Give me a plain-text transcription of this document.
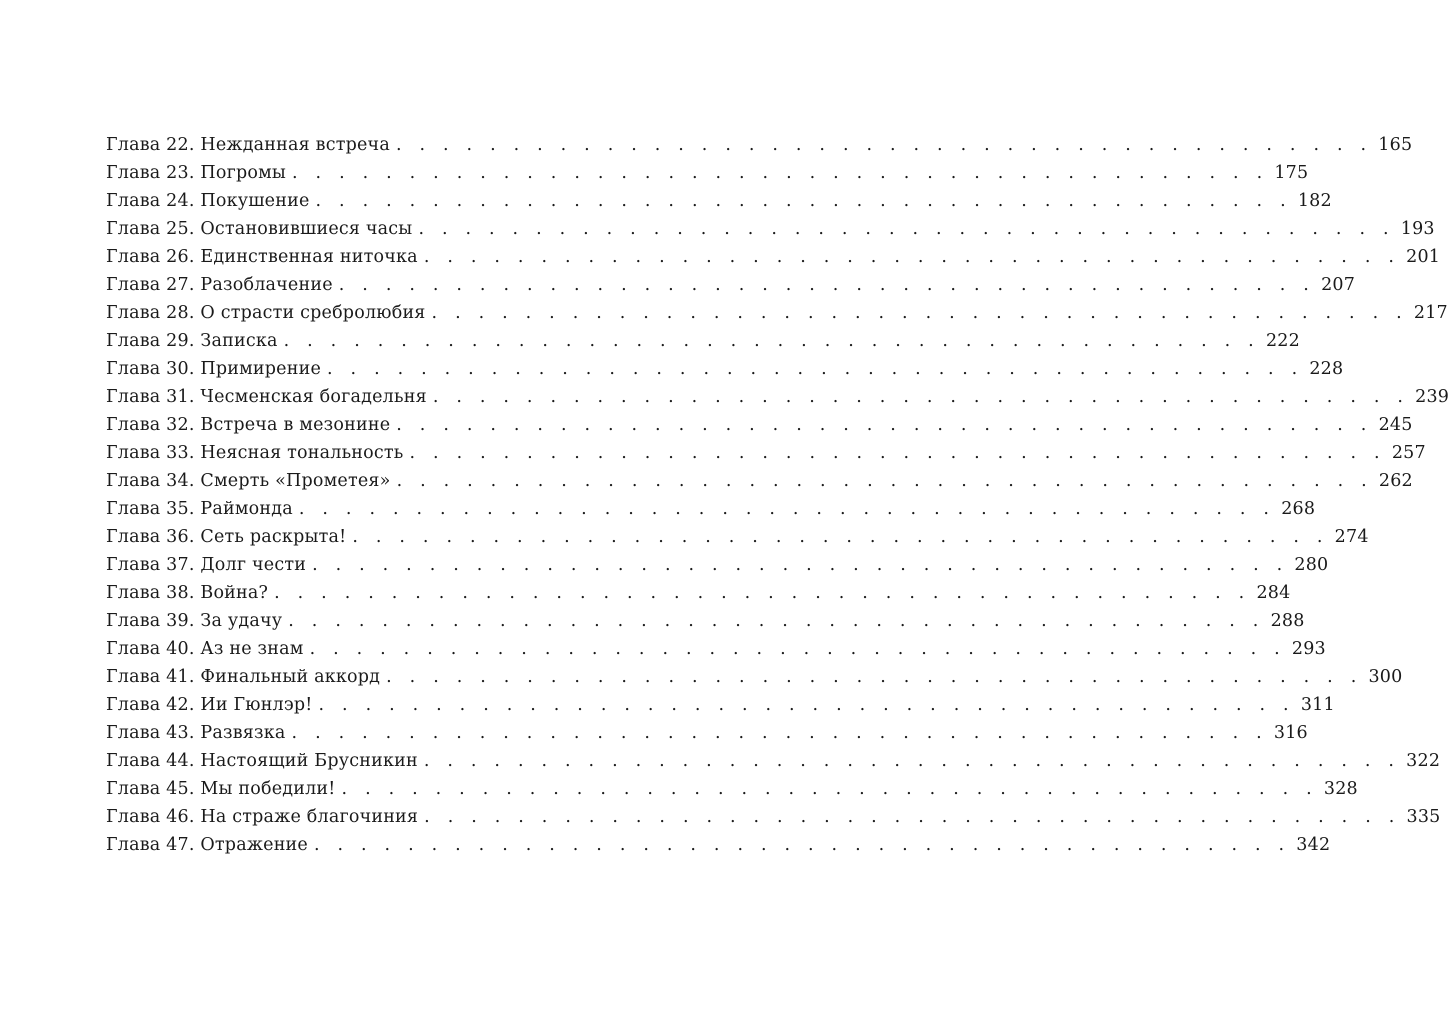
Глава 22. Нежданная встреча . . . . . . . . . . . . . . . . . . . . . . . . . . . . . . . . . . . . . . . . . . 165
Глава 23. Погромы . . . . . . . . . . . . . . . . . . . . . . . . . . . . . . . . . . . . . . . . . . 175
Глава 24. Покушение . . . . . . . . . . . . . . . . . . . . . . . . . . . . . . . . . . . . . . . . . . 182
Глава 25. Остановившиеся часы . . . . . . . . . . . . . . . . . . . . . . . . . . . . . . . . . . . . . . . . . . 193
Глава 26. Единственная ниточка . . . . . . . . . . . . . . . . . . . . . . . . . . . . . . . . . . . . . . . . . . 201
Глава 27. Разоблачение . . . . . . . . . . . . . . . . . . . . . . . . . . . . . . . . . . . . . . . . . . 207
Глава 28. О страсти сребролюбия . . . . . . . . . . . . . . . . . . . . . . . . . . . . . . . . . . . . . . . . . . 217
Глава 29. Записка . . . . . . . . . . . . . . . . . . . . . . . . . . . . . . . . . . . . . . . . . . 222
Глава 30. Примирение . . . . . . . . . . . . . . . . . . . . . . . . . . . . . . . . . . . . . . . . . . 228
Глава 31. Чесменская богадельня . . . . . . . . . . . . . . . . . . . . . . . . . . . . . . . . . . . . . . . . . . 239
Глава 32. Встреча в мезонине . . . . . . . . . . . . . . . . . . . . . . . . . . . . . . . . . . . . . . . . . . 245
Глава 33. Неясная тональность . . . . . . . . . . . . . . . . . . . . . . . . . . . . . . . . . . . . . . . . . . 257
Глава 34. Смерть «Прометея» . . . . . . . . . . . . . . . . . . . . . . . . . . . . . . . . . . . . . . . . . . 262
Глава 35. Раймонда . . . . . . . . . . . . . . . . . . . . . . . . . . . . . . . . . . . . . . . . . . 268
Глава 36. Сеть раскрыта! . . . . . . . . . . . . . . . . . . . . . . . . . . . . . . . . . . . . . . . . . . 274
Глава 37. Долг чести . . . . . . . . . . . . . . . . . . . . . . . . . . . . . . . . . . . . . . . . . . 280
Глава 38. Война? . . . . . . . . . . . . . . . . . . . . . . . . . . . . . . . . . . . . . . . . . . 284
Глава 39. За удачу . . . . . . . . . . . . . . . . . . . . . . . . . . . . . . . . . . . . . . . . . . 288
Глава 40. Аз не знам . . . . . . . . . . . . . . . . . . . . . . . . . . . . . . . . . . . . . . . . . . 293
Глава 41. Финальный аккорд . . . . . . . . . . . . . . . . . . . . . . . . . . . . . . . . . . . . . . . . . . 300
Глава 42. Ии Гюнлэр! . . . . . . . . . . . . . . . . . . . . . . . . . . . . . . . . . . . . . . . . . . 311
Глава 43. Развязка . . . . . . . . . . . . . . . . . . . . . . . . . . . . . . . . . . . . . . . . . . 316
Глава 44. Настоящий Брусникин . . . . . . . . . . . . . . . . . . . . . . . . . . . . . . . . . . . . . . . . . . 322
Глава 45. Мы победили! . . . . . . . . . . . . . . . . . . . . . . . . . . . . . . . . . . . . . . . . . . 328
Глава 46. На страже благочиния . . . . . . . . . . . . . . . . . . . . . . . . . . . . . . . . . . . . . . . . . . 335
Глава 47. Отражение . . . . . . . . . . . . . . . . . . . . . . . . . . . . . . . . . . . . . . . . . . 342
